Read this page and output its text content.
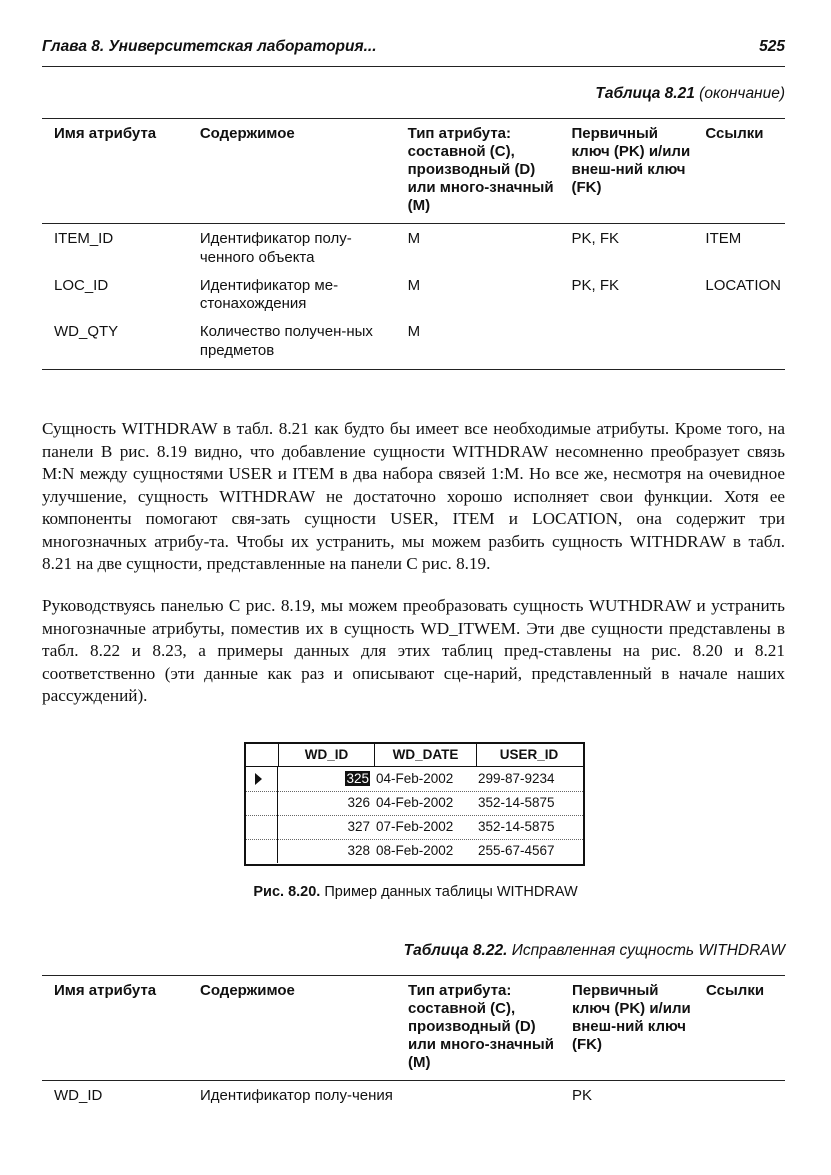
Глава 8. Университетская лаборатория...	525
Таблица 8.21 (окончание)
Имя атрибута	Содержимое	Тип атрибута: составной (С), производный (D) или много-значный (М)	Первичный ключ (PK) и/или внеш-ний ключ (FK)	Ссылки
ITEM_ID	Идентификатор полу-ченного объекта	M	PK, FK	ITEM
LOC_ID	Идентификатор ме-стонахождения	M	PK, FK	LOCATION
WD_QTY	Количество получен-ных предметов	M		

Сущность WITHDRAW в табл. 8.21 как будто бы имеет все необходимые атрибуты. Кроме того, на панели В рис. 8.19 видно, что добавление сущности WITHDRAW несомненно преобразует связь M:N между сущностями USER и ITEM в два набора связей 1:М. Но все же, несмотря на очевидное улучшение, сущность WITHDRAW не достаточно хорошо исполняет свои функции. Хотя ее компоненты помогают свя-зать сущности USER, ITEM и LOCATION, она содержит три многозначных атрибу-та. Чтобы их устранить, мы можем разбить сущность WITHDRAW в табл. 8.21 на две сущности, представленные на панели С рис. 8.19.

Руководствуясь панелью С рис. 8.19, мы можем преобразовать сущность WUTHDRAW и устранить многозначные атрибуты, поместив их в сущность WD_ITWEM. Эти две сущности представлены в табл. 8.22 и 8.23, а примеры данных для этих таблиц пред-ставлены на рис. 8.20 и 8.21 соответственно (эти данные как раз и описывают сце-нарий, представленный в начале наших рассуждений).

WD_ID	WD_DATE	USER_ID
325 04-Feb-2002	299-87-9234
326 04-Feb-2002	352-14-5875
327 07-Feb-2002	352-14-5875
328 08-Feb-2002	255-67-4567
Рис. 8.20. Пример данных таблицы WITHDRAW
Таблица 8.22. Исправленная сущность WITHDRAW
Имя атрибута	Содержимое	Тип атрибута: составной (С), производный (D) или много-значный (М)	Первичный ключ (PK) и/или внеш-ний ключ (FK)	Ссылки
WD_ID	Идентификатор полу-чения		PK	
